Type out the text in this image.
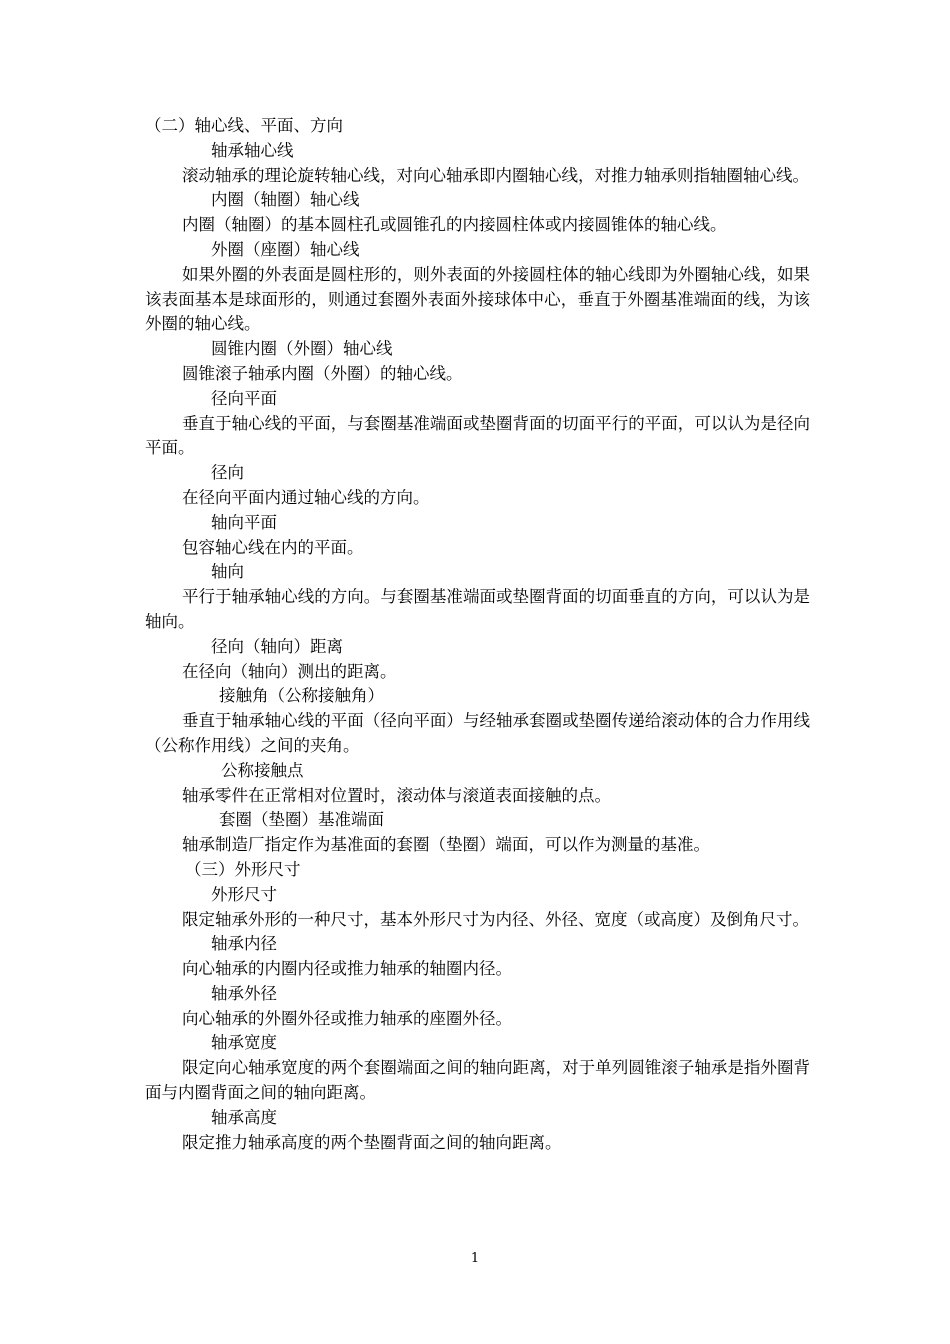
（二）轴心线、平面、方向
轴承轴心线
滚动轴承的理论旋转轴心线，对向心轴承即内圈轴心线，对推力轴承则指轴圈轴心线。
内圈（轴圈）轴心线
内圈（轴圈）的基本圆柱孔或圆锥孔的内接圆柱体或内接圆锥体的轴心线。
外圈（座圈）轴心线
如果外圈的外表面是圆柱形的，则外表面的外接圆柱体的轴心线即为外圈轴心线，如果该表面基本是球面形的，则通过套圈外表面外接球体中心，垂直于外圈基准端面的线，为该外圈的轴心线。
圆锥内圈（外圈）轴心线
圆锥滚子轴承内圈（外圈）的轴心线。
径向平面
垂直于轴心线的平面，与套圈基准端面或垫圈背面的切面平行的平面，可以认为是径向平面。
径向
在径向平面内通过轴心线的方向。
轴向平面
包容轴心线在内的平面。
轴向
平行于轴承轴心线的方向。与套圈基准端面或垫圈背面的切面垂直的方向，可以认为是轴向。
径向（轴向）距离
在径向（轴向）测出的距离。
接触角（公称接触角）
垂直于轴承轴心线的平面（径向平面）与经轴承套圈或垫圈传递给滚动体的合力作用线（公称作用线）之间的夹角。
公称接触点
轴承零件在正常相对位置时，滚动体与滚道表面接触的点。
套圈（垫圈）基准端面
轴承制造厂指定作为基准面的套圈（垫圈）端面，可以作为测量的基准。
（三）外形尺寸
外形尺寸
限定轴承外形的一种尺寸，基本外形尺寸为内径、外径、宽度（或高度）及倒角尺寸。
轴承内径
向心轴承的内圈内径或推力轴承的轴圈内径。
轴承外径
向心轴承的外圈外径或推力轴承的座圈外径。
轴承宽度
限定向心轴承宽度的两个套圈端面之间的轴向距离，对于单列圆锥滚子轴承是指外圈背面与内圈背面之间的轴向距离。
轴承高度
限定推力轴承高度的两个垫圈背面之间的轴向距离。
1
